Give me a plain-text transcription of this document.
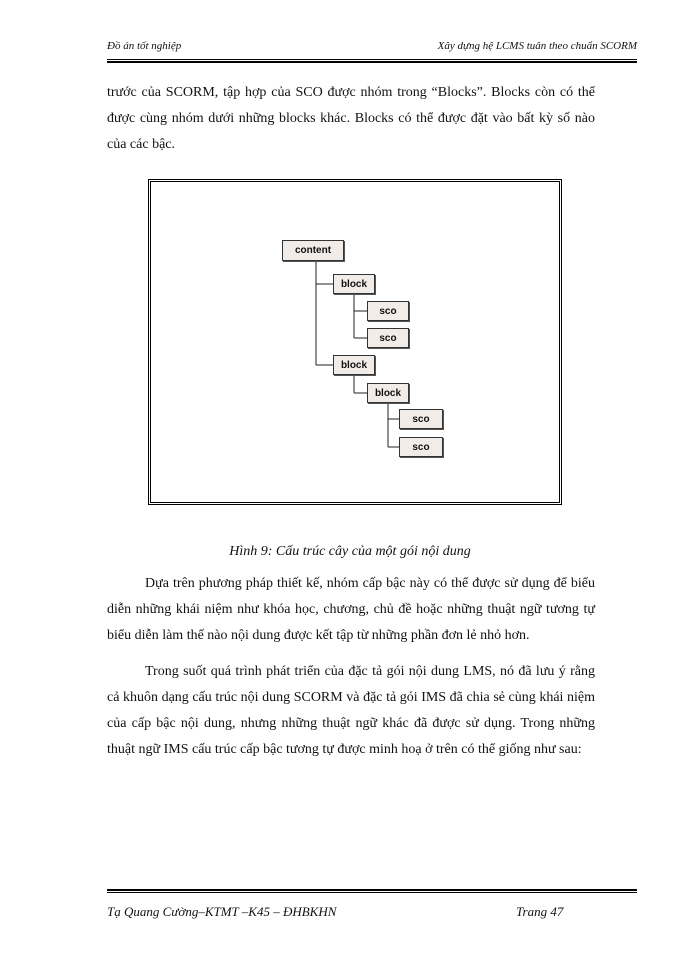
Đồ án tốt nghiệp	Xây dựng hệ LCMS tuân theo chuẩn SCORM

trước của SCORM, tập hợp của SCO được nhóm trong “Blocks”. Blocks còn có thể được cùng nhóm dưới những blocks khác. Blocks có thể được đặt vào bất kỳ số nào của các bậc.

content
block
sco
sco
block
block
sco
sco
Hình 9: Cấu trúc cây của một gói nội dung

Dựa trên phương pháp thiết kế, nhóm cấp bậc này có thể được sử dụng để biểu diễn những khái niệm như khóa học, chương, chủ đề hoặc những thuật ngữ tương tự biểu diễn làm thế nào nội dung được kết tập từ những phần đơn lẻ nhỏ hơn.

Trong suốt quá trình phát triển của đặc tả gói nội dung LMS, nó đã lưu ý rằng cả khuôn dạng cấu trúc nội dung SCORM và đặc tả gói IMS đã chia sẻ cùng khái niệm của cấp bậc nội dung, nhưng những thuật ngữ khác đã được sử dụng. Trong những thuật ngữ IMS cấu trúc cấp bậc tương tự được minh hoạ ở trên có thể giống như sau:

Tạ Quang Cường–KTMT –K45 – ĐHBKHN	Trang 47
